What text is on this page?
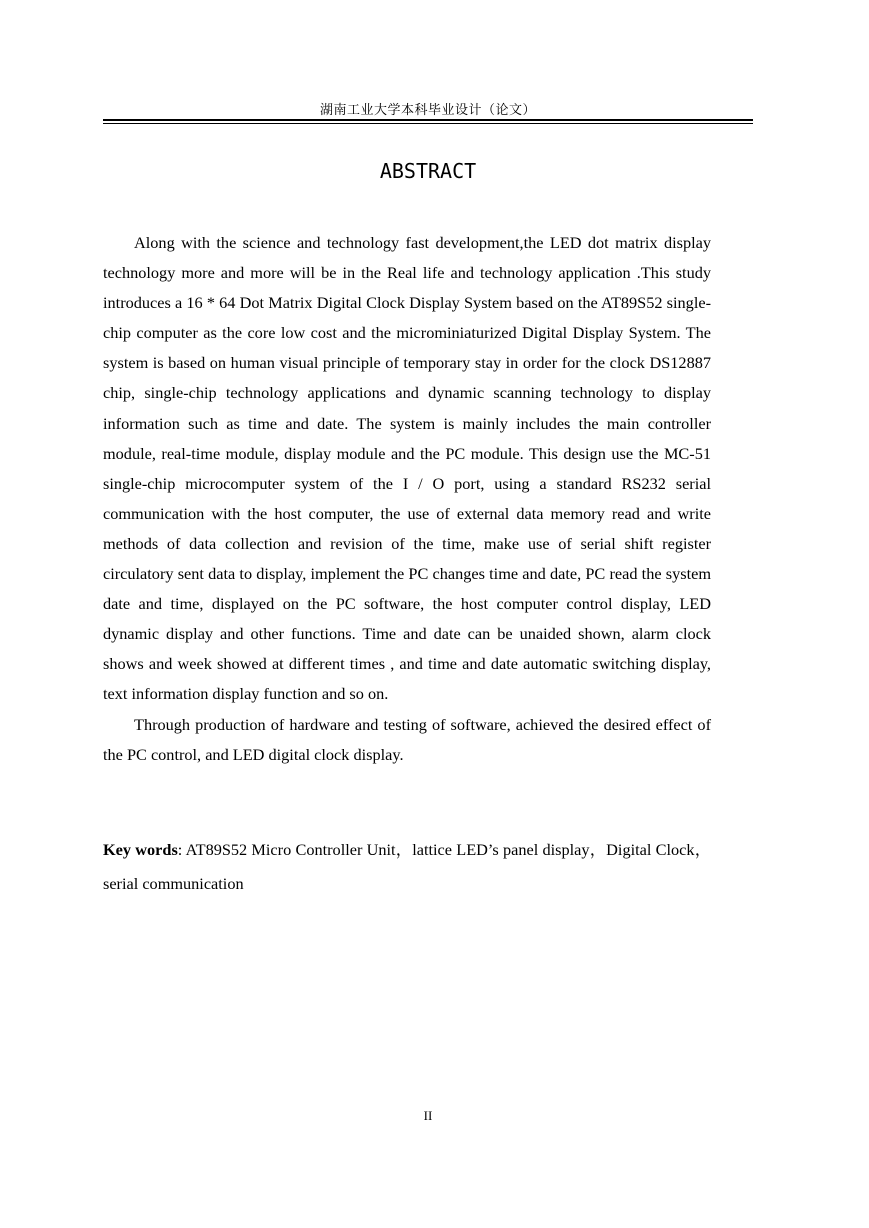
湖南工业大学本科毕业设计（论文）
ABSTRACT

Along with the science and technology fast development,the LED dot matrix display technology more and more will be in the Real life and technology application .This study introduces a 16 * 64 Dot Matrix Digital Clock Display System based on the AT89S52 single-chip computer as the core low cost and the microminiaturized Digital Display System. The system is based on human visual principle of temporary stay in order for the clock DS12887 chip, single-chip technology applications and dynamic scanning technology to display information such as time and date. The system is mainly includes the main controller module, real-time module, display module and the PC module. This design use the MC-51 single-chip microcomputer system of the I / O port, using a standard RS232 serial communication with the host computer, the use of external data memory read and write methods of data collection and revision of the time, make use of serial shift register circulatory sent data to display, implement the PC changes time and date, PC read the system date and time, displayed on the PC software, the host computer control display, LED dynamic display and other functions. Time and date can be unaided shown, alarm clock shows and week showed at different times , and time and date automatic switching display, text information display function and so on.

Through production of hardware and testing of software, achieved the desired effect of the PC control, and LED digital clock display.

Key words: AT89S52 Micro Controller Unit，lattice LED’s panel display，Digital Clock，serial communication
II
